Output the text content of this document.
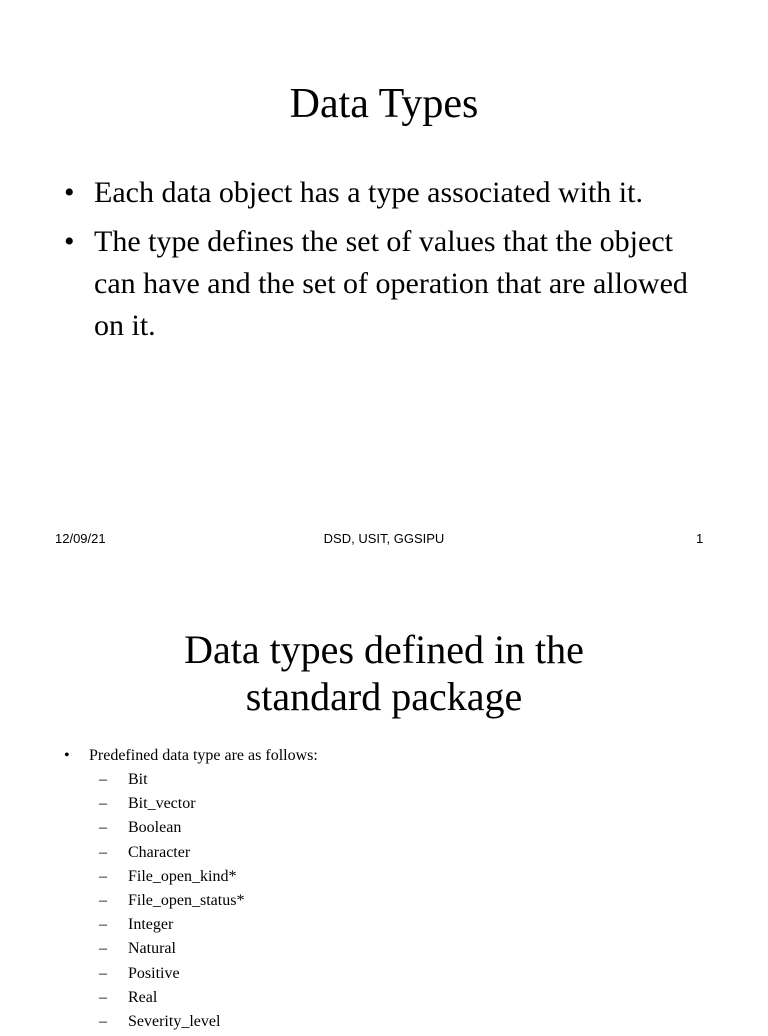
Data Types
• Each data object has a type associated with it.
• The type defines the set of values that the object can have and the set of operation that are allowed on it.
12/09/21	DSD, USIT, GGSIPU	1
Data types defined in the
standard package
• Predefined data type are as follows:
– Bit
– Bit_vector
– Boolean
– Character
– File_open_kind*
– File_open_status*
– Integer
– Natural
– Positive
– Real
– Severity_level
